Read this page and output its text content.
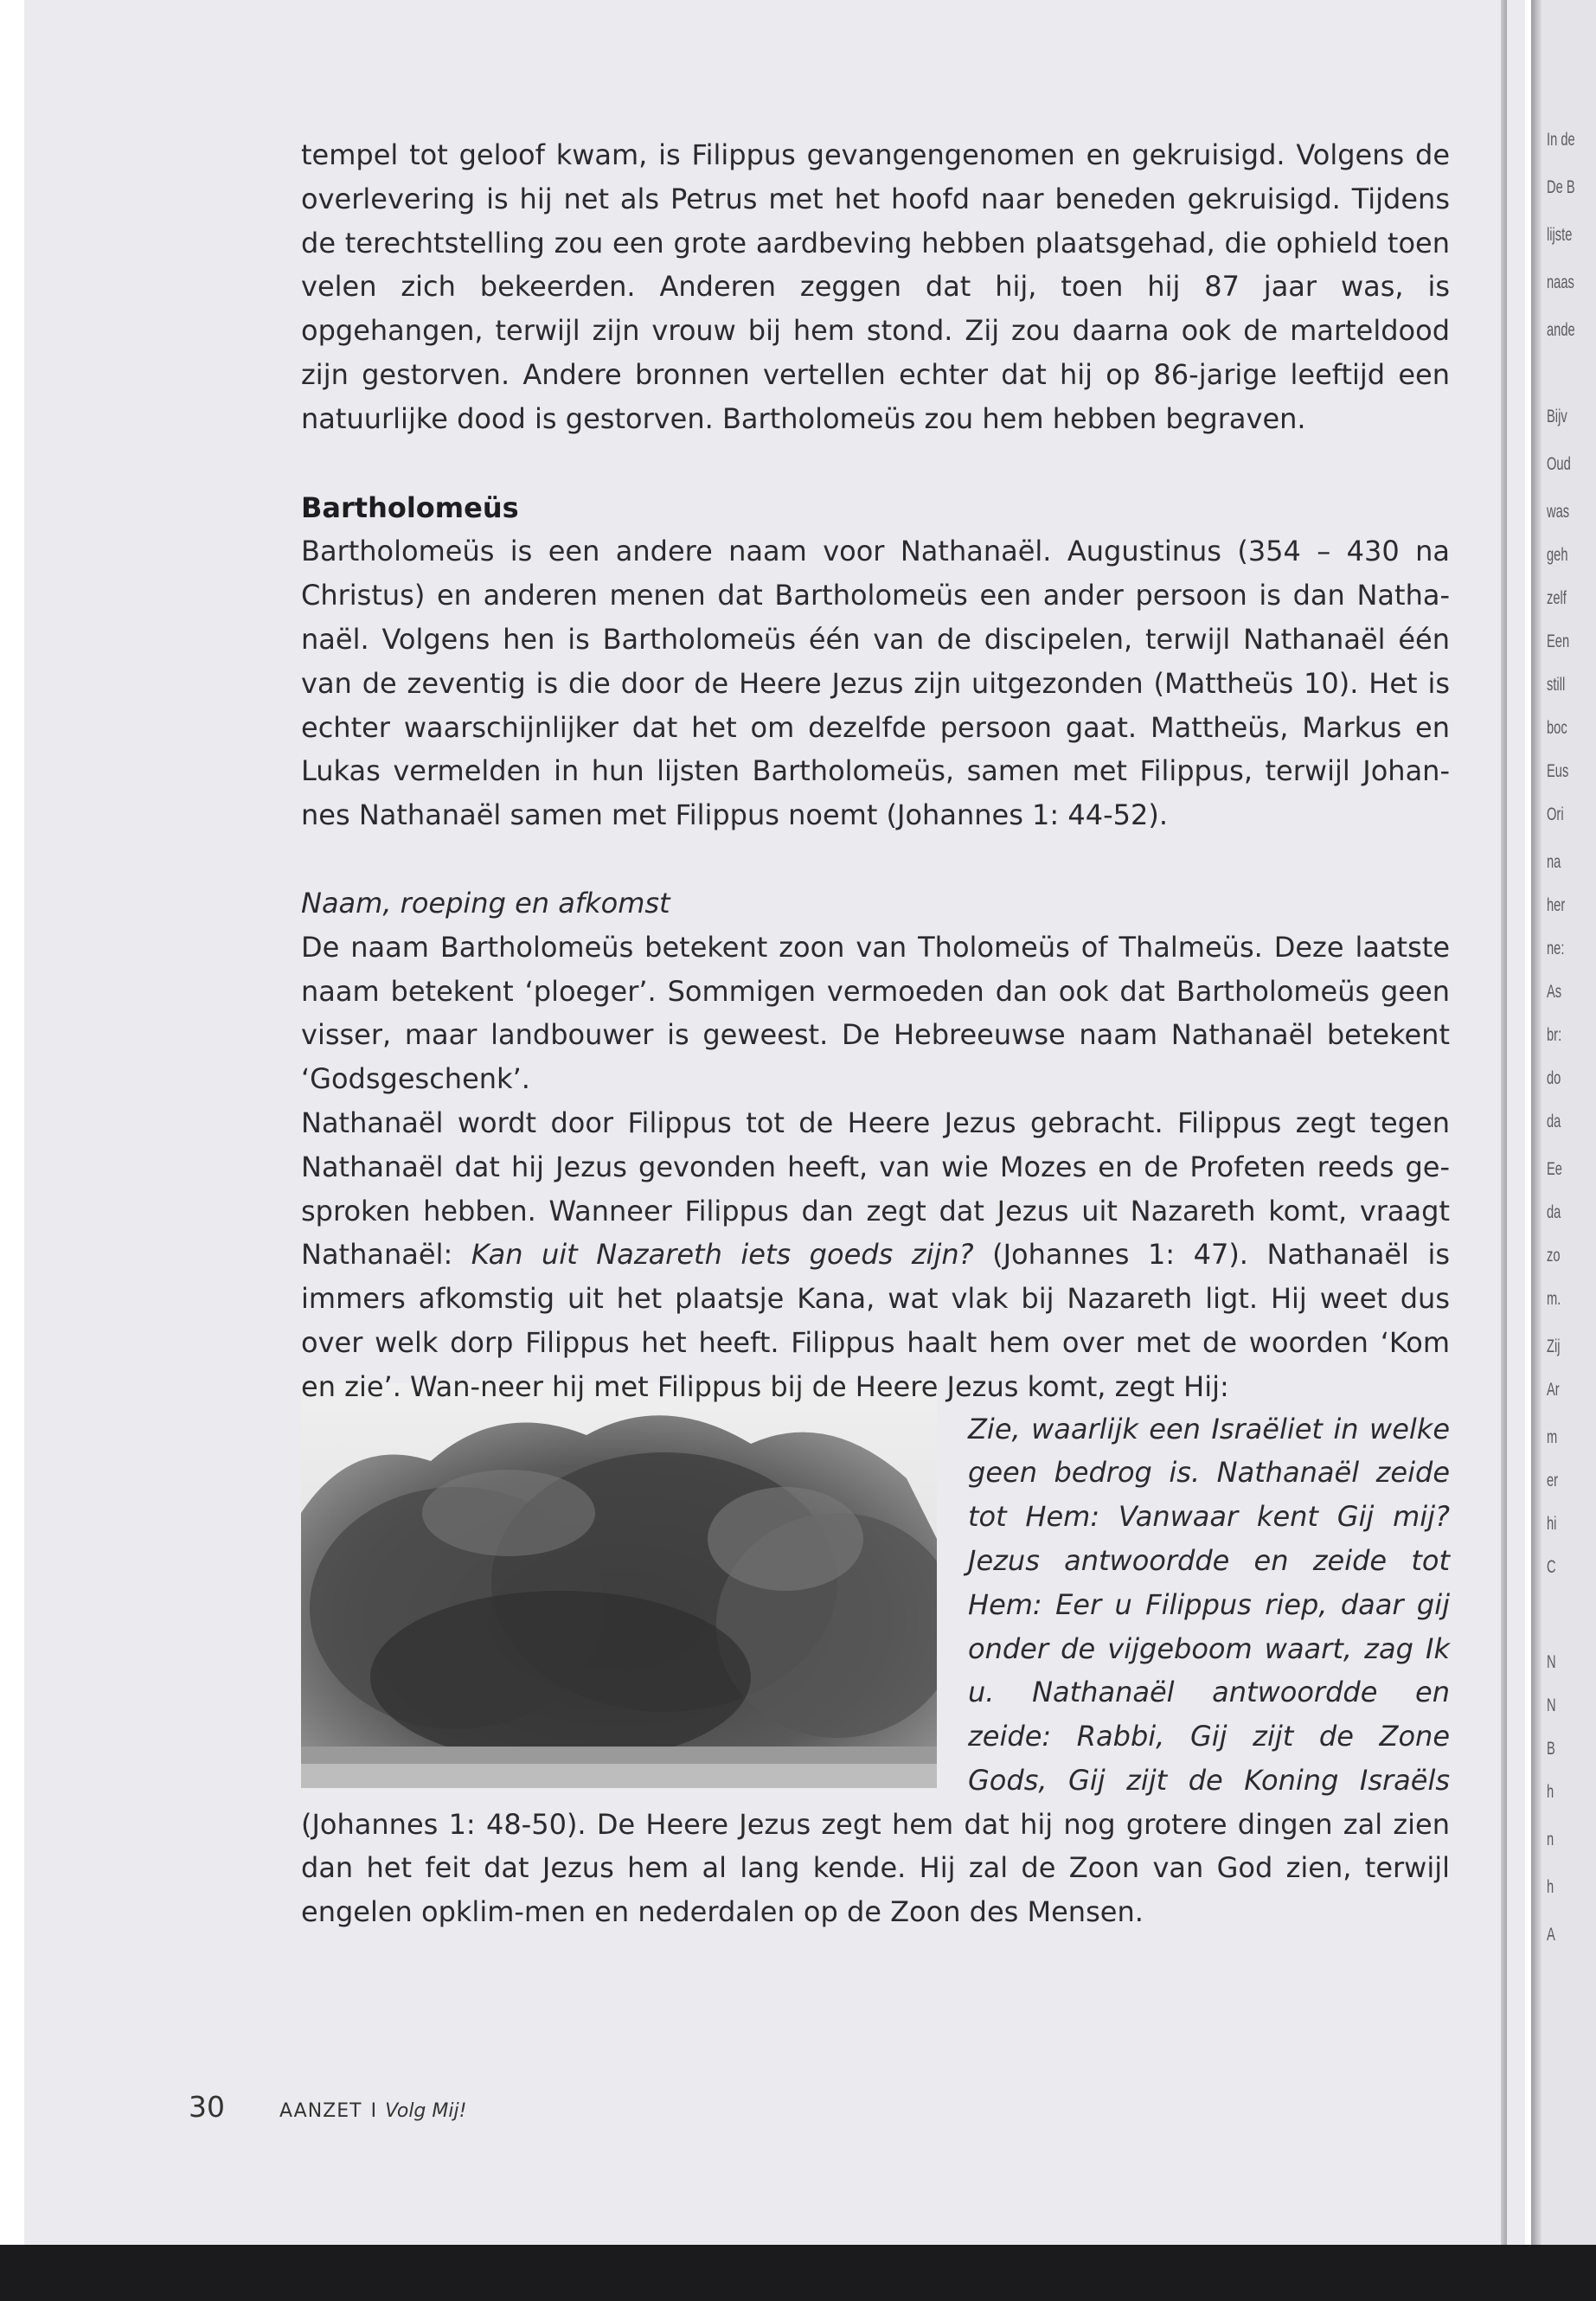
tempel tot geloof kwam, is Filippus gevangengenomen en gekruisigd. Volgens de overlevering is hij net als Petrus met het hoofd naar beneden gekruisigd. Tijdens de terechtstelling zou een grote aardbeving hebben plaatsgehad, die ophield toen velen zich bekeerden. Anderen zeggen dat hij, toen hij 87 jaar was, is opgehangen, terwijl zijn vrouw bij hem stond. Zij zou daarna ook de marteldood zijn gestorven. Andere bronnen vertellen echter dat hij op 86-jarige leeftijd een natuurlijke dood is gestorven. Bartholomeüs zou hem hebben begraven.

Bartholomeüs

Bartholomeüs is een andere naam voor Nathanaël. Augustinus (354 – 430 na Christus) en anderen menen dat Bartholomeüs een ander persoon is dan Natha-naël. Volgens hen is Bartholomeüs één van de discipelen, terwijl Nathanaël één van de zeventig is die door de Heere Jezus zijn uitgezonden (Mattheüs 10). Het is echter waarschijnlijker dat het om dezelfde persoon gaat. Mattheüs, Markus en Lukas vermelden in hun lijsten Bartholomeüs, samen met Filippus, terwijl Johan-nes Nathanaël samen met Filippus noemt (Johannes 1: 44-52).

Naam, roeping en afkomst

De naam Bartholomeüs betekent zoon van Tholomeüs of Thalmeüs. Deze laatste naam betekent ‘ploeger’. Sommigen vermoeden dan ook dat Bartholomeüs geen visser, maar landbouwer is geweest. De Hebreeuwse naam Nathanaël betekent ‘Godsgeschenk’.

Nathanaël wordt door Filippus tot de Heere Jezus gebracht. Filippus zegt tegen Nathanaël dat hij Jezus gevonden heeft, van wie Mozes en de Profeten reeds ge-sproken hebben. Wanneer Filippus dan zegt dat Jezus uit Nazareth komt, vraagt Nathanaël: Kan uit Nazareth iets goeds zijn? (Johannes 1: 47). Nathanaël is immers afkomstig uit het plaatsje Kana, wat vlak bij Nazareth ligt. Hij weet dus over welk dorp Filippus het heeft. Filippus haalt hem over met de woorden ‘Kom en zie’. Wan-neer hij met Filippus bij de Heere Jezus komt, zegt Hij:

Zie, waarlijk een Israëliet in welke geen bedrog is. Nathanaël zeide tot Hem: Vanwaar kent Gij mij? Jezus antwoordde en zeide tot Hem: Eer u Filippus riep, daar gij onder de vijgeboom waart, zag Ik u. Nathanaël antwoordde en zeide: Rabbi, Gij zijt de Zone Gods, Gij zijt de Koning Israëls (Johannes 1: 48-50). De Heere Jezus zegt hem dat hij nog grotere dingen zal zien dan het feit dat Jezus hem al lang kende. Hij zal de Zoon van God zien, terwijl engelen opklim-men en nederdalen op de Zoon des Mensen.

30	AANZET I Volg Mij!
In de
De B
lijste
naas
ande
Bijv
Oud
was
geh
zelf
Een
still
boc
Eus
Ori
na
her
ne:
As
br:
do
da
Ee
da
zo
m.
Zij
Ar
m
er
hi
C
N
N
B
h
n
h
A
